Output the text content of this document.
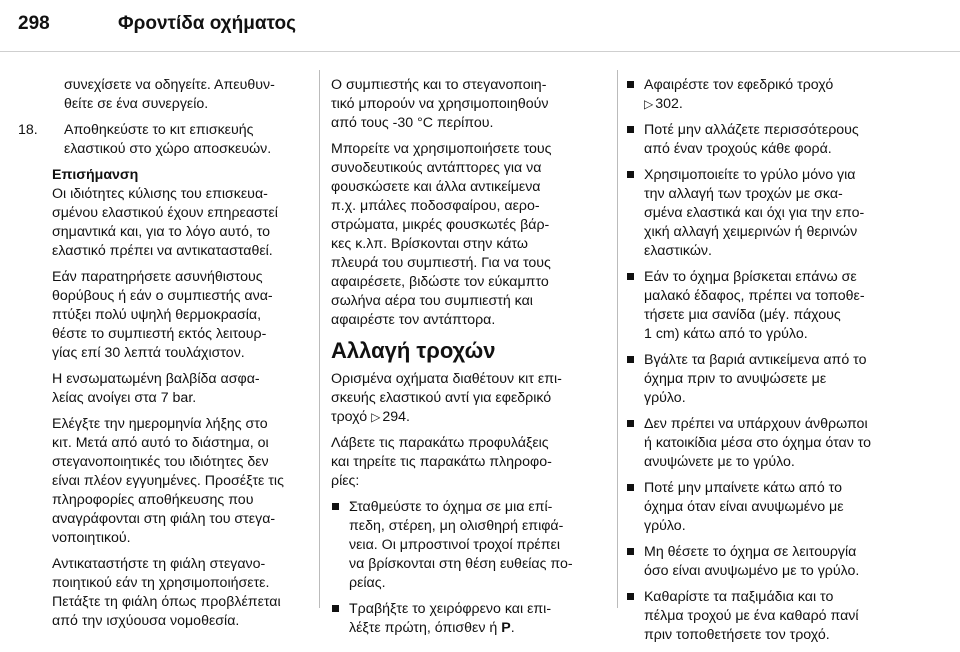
298	Φροντίδα οχήματος
συνεχίσετε να οδηγείτε. Απευθυν-
θείτε σε ένα συνεργείο.
18. Αποθηκεύστε το κιτ επισκευής
ελαστικού στο χώρο αποσκευών.
Επισήμανση
Οι ιδιότητες κύλισης του επισκευα-
σμένου ελαστικού έχουν επηρεαστεί
σημαντικά και, για το λόγο αυτό, το
ελαστικό πρέπει να αντικατασταθεί.
Εάν παρατηρήσετε ασυνήθιστους
θορύβους ή εάν ο συμπιεστής ανα-
πτύξει πολύ υψηλή θερμοκρασία,
θέστε το συμπιεστή εκτός λειτουρ-
γίας επί 30 λεπτά τουλάχιστον.
Η ενσωματωμένη βαλβίδα ασφα-
λείας ανοίγει στα 7 bar.
Ελέγξτε την ημερομηνία λήξης στο
κιτ. Μετά από αυτό το διάστημα, οι
στεγανοποιητικές του ιδιότητες δεν
είναι πλέον εγγυημένες. Προσέξτε τις
πληροφορίες αποθήκευσης που
αναγράφονται στη φιάλη του στεγα-
νοποιητικού.
Αντικαταστήστε τη φιάλη στεγανο-
ποιητικού εάν τη χρησιμοποιήσετε.
Πετάξτε τη φιάλη όπως προβλέπεται
από την ισχύουσα νομοθεσία.
Ο συμπιεστής και το στεγανοποιη-
τικό μπορούν να χρησιμοποιηθούν
από τους -30 °C περίπου.
Μπορείτε να χρησιμοποιήσετε τους
συνοδευτικούς αντάπτορες για να
φουσκώσετε και άλλα αντικείμενα
π.χ. μπάλες ποδοσφαίρου, αερο-
στρώματα, μικρές φουσκωτές βάρ-
κες κ.λπ. Βρίσκονται στην κάτω
πλευρά του συμπιεστή. Για να τους
αφαιρέσετε, βιδώστε τον εύκαμπτο
σωλήνα αέρα του συμπιεστή και
αφαιρέστε τον αντάπτορα.
Αλλαγή τροχών
Ορισμένα οχήματα διαθέτουν κιτ επι-
σκευής ελαστικού αντί για εφεδρικό
τροχό ▷ 294.
Λάβετε τις παρακάτω προφυλάξεις
και τηρείτε τις παρακάτω πληροφο-
ρίες:
Σταθμεύστε το όχημα σε μια επί-
πεδη, στέρεη, μη ολισθηρή επιφά-
νεια. Οι μπροστινοί τροχοί πρέπει
να βρίσκονται στη θέση ευθείας πο-
ρείας.
Τραβήξτε το χειρόφρενο και επι-
λέξτε πρώτη, όπισθεν ή P.
Αφαιρέστε τον εφεδρικό τροχό
▷ 302.
Ποτέ μην αλλάζετε περισσότερους
από έναν τροχούς κάθε φορά.
Χρησιμοποιείτε το γρύλο μόνο για
την αλλαγή των τροχών με σκα-
σμένα ελαστικά και όχι για την επο-
χική αλλαγή χειμερινών ή θερινών
ελαστικών.
Εάν το όχημα βρίσκεται επάνω σε
μαλακό έδαφος, πρέπει να τοποθε-
τήσετε μια σανίδα (μέγ. πάχους
1 cm) κάτω από το γρύλο.
Βγάλτε τα βαριά αντικείμενα από το
όχημα πριν το ανυψώσετε με
γρύλο.
Δεν πρέπει να υπάρχουν άνθρωποι
ή κατοικίδια μέσα στο όχημα όταν το
ανυψώνετε με το γρύλο.
Ποτέ μην μπαίνετε κάτω από το
όχημα όταν είναι ανυψωμένο με
γρύλο.
Μη θέσετε το όχημα σε λειτουργία
όσο είναι ανυψωμένο με το γρύλο.
Καθαρίστε τα παξιμάδια και το
πέλμα τροχού με ένα καθαρό πανί
πριν τοποθετήσετε τον τροχό.
